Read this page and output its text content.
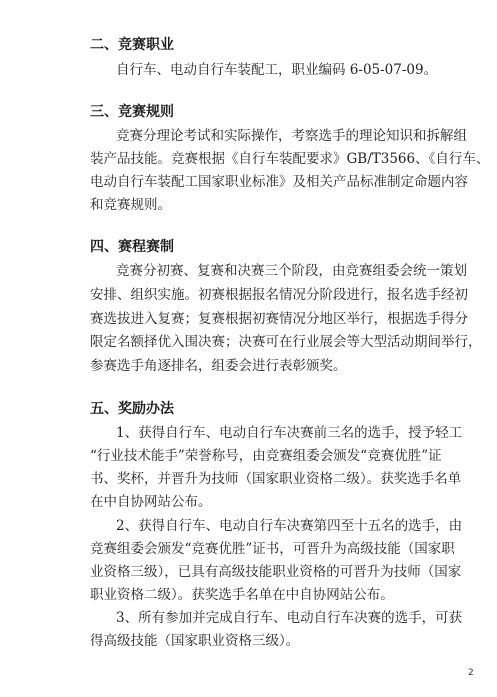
二、竞赛职业
自行车、电动自行车装配工，职业编码 6-05-07-09。
三、竞赛规则
竞赛分理论考试和实际操作，考察选手的理论知识和拆解组
装产品技能。竞赛根据《自行车装配要求》GB/T3566、《自行车、
电动自行车装配工国家职业标准》及相关产品标准制定命题内容
和竞赛规则。
四、赛程赛制
竞赛分初赛、复赛和决赛三个阶段，由竞赛组委会统一策划
安排、组织实施。初赛根据报名情况分阶段进行，报名选手经初
赛选拔进入复赛；复赛根据初赛情况分地区举行，根据选手得分
限定名额择优入围决赛；决赛可在行业展会等大型活动期间举行，
参赛选手角逐排名，组委会进行表彰颁奖。
五、奖励办法
1、获得自行车、电动自行车决赛前三名的选手，授予轻工
“行业技术能手”荣誉称号，由竞赛组委会颁发“竞赛优胜”证
书、奖杯，并晋升为技师（国家职业资格二级）。获奖选手名单
在中自协网站公布。
2、获得自行车、电动自行车决赛第四至十五名的选手，由
竞赛组委会颁发“竞赛优胜”证书，可晋升为高级技能（国家职
业资格三级），已具有高级技能职业资格的可晋升为技师（国家
职业资格二级）。获奖选手名单在中自协网站公布。
3、所有参加并完成自行车、电动自行车决赛的选手，可获
得高级技能（国家职业资格三级）。
2
